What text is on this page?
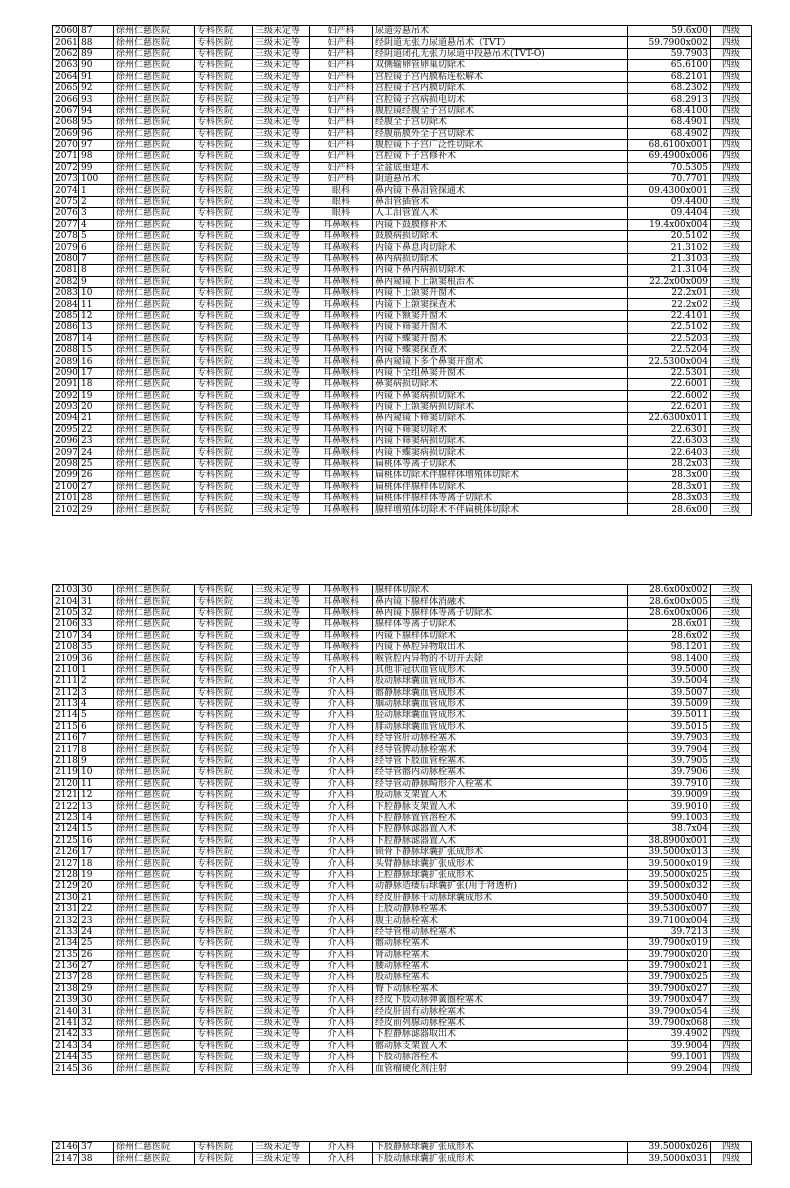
2060	87	徐州仁慈医院	专科医院	三级未定等	妇产科	尿道旁悬吊术	59.6x00	四级
2061	88	徐州仁慈医院	专科医院	三级未定等	妇产科	经阴道无张力尿道悬吊术（TVT）	59.7900x002	四级
2062	89	徐州仁慈医院	专科医院	三级未定等	妇产科	经阴道闭孔无张力尿道中段悬吊术(TVT-O)	59.7903	四级
2063	90	徐州仁慈医院	专科医院	三级未定等	妇产科	双侧输卵管卵巢切除术	65.6100	四级
2064	91	徐州仁慈医院	专科医院	三级未定等	妇产科	宫腔镜子宫内膜粘连松解术	68.2101	四级
2065	92	徐州仁慈医院	专科医院	三级未定等	妇产科	宫腔镜子宫内膜切除术	68.2302	四级
2066	93	徐州仁慈医院	专科医院	三级未定等	妇产科	宫腔镜子宫病损电切术	68.2913	四级
2067	94	徐州仁慈医院	专科医院	三级未定等	妇产科	腹腔镜经腹全子宫切除术	68.4100	四级
2068	95	徐州仁慈医院	专科医院	三级未定等	妇产科	经腹全子宫切除术	68.4901	四级
2069	96	徐州仁慈医院	专科医院	三级未定等	妇产科	经腹筋膜外全子宫切除术	68.4902	四级
2070	97	徐州仁慈医院	专科医院	三级未定等	妇产科	腹腔镜下子宫广泛性切除术	68.6100x001	四级
2071	98	徐州仁慈医院	专科医院	三级未定等	妇产科	宫腔镜下子宫修补术	69.4900x006	四级
2072	99	徐州仁慈医院	专科医院	三级未定等	妇产科	全盆底重建术	70.5305	四级
2073	100	徐州仁慈医院	专科医院	三级未定等	妇产科	阴道悬吊术	70.7701	四级
2074	1	徐州仁慈医院	专科医院	三级未定等	眼科	鼻内镜下鼻泪管探通术	09.4300x001	三级
2075	2	徐州仁慈医院	专科医院	三级未定等	眼科	鼻泪管插管术	09.4400	三级
2076	3	徐州仁慈医院	专科医院	三级未定等	眼科	人工泪管置入术	09.4404	三级
2077	4	徐州仁慈医院	专科医院	三级未定等	耳鼻喉科	内镜下鼓膜修补术	19.4x00x004	三级
2078	5	徐州仁慈医院	专科医院	三级未定等	耳鼻喉科	鼓膜病损切除术	20.5102	三级
2079	6	徐州仁慈医院	专科医院	三级未定等	耳鼻喉科	内镜下鼻息肉切除术	21.3102	三级
2080	7	徐州仁慈医院	专科医院	三级未定等	耳鼻喉科	鼻内病损切除术	21.3103	三级
2081	8	徐州仁慈医院	专科医院	三级未定等	耳鼻喉科	内镜下鼻内病损切除术	21.3104	三级
2082	9	徐州仁慈医院	专科医院	三级未定等	耳鼻喉科	鼻内窥镜下上颌窦根治术	22.2x00x009	三级
2083	10	徐州仁慈医院	专科医院	三级未定等	耳鼻喉科	内镜下上颌窦开窗术	22.2x01	三级
2084	11	徐州仁慈医院	专科医院	三级未定等	耳鼻喉科	内镜下上颌窦探查术	22.2x02	三级
2085	12	徐州仁慈医院	专科医院	三级未定等	耳鼻喉科	内镜下额窦开窗术	22.4101	三级
2086	13	徐州仁慈医院	专科医院	三级未定等	耳鼻喉科	内镜下筛窦开窗术	22.5102	三级
2087	14	徐州仁慈医院	专科医院	三级未定等	耳鼻喉科	内镜下蝶窦开窗术	22.5203	三级
2088	15	徐州仁慈医院	专科医院	三级未定等	耳鼻喉科	内镜下蝶窦探查术	22.5204	三级
2089	16	徐州仁慈医院	专科医院	三级未定等	耳鼻喉科	鼻内窥镜下多个鼻窦开窗术	22.5300x004	三级
2090	17	徐州仁慈医院	专科医院	三级未定等	耳鼻喉科	内镜下全组鼻窦开窗术	22.5301	三级
2091	18	徐州仁慈医院	专科医院	三级未定等	耳鼻喉科	鼻窦病损切除术	22.6001	三级
2092	19	徐州仁慈医院	专科医院	三级未定等	耳鼻喉科	内镜下鼻窦病损切除术	22.6002	三级
2093	20	徐州仁慈医院	专科医院	三级未定等	耳鼻喉科	内镜下上颌窦病损切除术	22.6201	三级
2094	21	徐州仁慈医院	专科医院	三级未定等	耳鼻喉科	鼻内窥镜下筛窦切除术	22.6300x011	三级
2095	22	徐州仁慈医院	专科医院	三级未定等	耳鼻喉科	内镜下筛窦切除术	22.6301	三级
2096	23	徐州仁慈医院	专科医院	三级未定等	耳鼻喉科	内镜下筛窦病损切除术	22.6303	三级
2097	24	徐州仁慈医院	专科医院	三级未定等	耳鼻喉科	内镜下蝶窦病损切除术	22.6403	三级
2098	25	徐州仁慈医院	专科医院	三级未定等	耳鼻喉科	扁桃体等离子切除术	28.2x03	三级
2099	26	徐州仁慈医院	专科医院	三级未定等	耳鼻喉科	扁桃体切除术伴腺样体增殖体切除术	28.3x00	三级
2100	27	徐州仁慈医院	专科医院	三级未定等	耳鼻喉科	扁桃体伴腺样体切除术	28.3x01	三级
2101	28	徐州仁慈医院	专科医院	三级未定等	耳鼻喉科	扁桃体伴腺样体等离子切除术	28.3x03	三级
2102	29	徐州仁慈医院	专科医院	三级未定等	耳鼻喉科	腺样增殖体切除术不伴扁桃体切除术	28.6x00	三级
2103	30	徐州仁慈医院	专科医院	三级未定等	耳鼻喉科	腺样体切除术	28.6x00x002	三级
2104	31	徐州仁慈医院	专科医院	三级未定等	耳鼻喉科	鼻内镜下腺样体消融术	28.6x00x005	三级
2105	32	徐州仁慈医院	专科医院	三级未定等	耳鼻喉科	鼻内镜下腺样体等离子切除术	28.6x00x006	三级
2106	33	徐州仁慈医院	专科医院	三级未定等	耳鼻喉科	腺样体等离子切除术	28.6x01	三级
2107	34	徐州仁慈医院	专科医院	三级未定等	耳鼻喉科	内镜下腺样体切除术	28.6x02	三级
2108	35	徐州仁慈医院	专科医院	三级未定等	耳鼻喉科	内镜下鼻腔异物取出术	98.1201	三级
2109	36	徐州仁慈医院	专科医院	三级未定等	耳鼻喉科	喉管腔内异物的不切开去除	98.1400	三级
2110	1	徐州仁慈医院	专科医院	三级未定等	介入科	其他非冠状血管成形术	39.5000	三级
2111	2	徐州仁慈医院	专科医院	三级未定等	介入科	股动脉球囊血管成形术	39.5004	三级
2112	3	徐州仁慈医院	专科医院	三级未定等	介入科	髂静脉球囊血管成形术	39.5007	三级
2113	4	徐州仁慈医院	专科医院	三级未定等	介入科	腘动脉球囊血管成形术	39.5009	三级
2114	5	徐州仁慈医院	专科医院	三级未定等	介入科	胫动脉球囊血管成形术	39.5011	三级
2115	6	徐州仁慈医院	专科医院	三级未定等	介入科	腓动脉球囊血管成形术	39.5015	三级
2116	7	徐州仁慈医院	专科医院	三级未定等	介入科	经导管肝动脉栓塞术	39.7903	三级
2117	8	徐州仁慈医院	专科医院	三级未定等	介入科	经导管脾动脉栓塞术	39.7904	三级
2118	9	徐州仁慈医院	专科医院	三级未定等	介入科	经导管下肢血管栓塞术	39.7905	三级
2119	10	徐州仁慈医院	专科医院	三级未定等	介入科	经导管髂内动脉栓塞术	39.7906	三级
2120	11	徐州仁慈医院	专科医院	三级未定等	介入科	经导管动静脉畸形介入栓塞术	39.7910	三级
2121	12	徐州仁慈医院	专科医院	三级未定等	介入科	股动脉支架置入术	39.9009	三级
2122	13	徐州仁慈医院	专科医院	三级未定等	介入科	下腔静脉支架置入术	39.9010	三级
2123	14	徐州仁慈医院	专科医院	三级未定等	介入科	下腔静脉置管溶栓术	99.1003	三级
2124	15	徐州仁慈医院	专科医院	三级未定等	介入科	下腔静脉滤器置入术	38.7x04	三级
2125	16	徐州仁慈医院	专科医院	三级未定等	介入科	下腔静脉滤器置入术	38.8900x001	三级
2126	17	徐州仁慈医院	专科医院	三级未定等	介入科	锁骨下静脉球囊扩张成形术	39.5000x013	三级
2127	18	徐州仁慈医院	专科医院	三级未定等	介入科	头臂静脉球囊扩张成形术	39.5000x019	三级
2128	19	徐州仁慈医院	专科医院	三级未定等	介入科	上腔静脉球囊扩张成形术	39.5000x025	三级
2129	20	徐州仁慈医院	专科医院	三级未定等	介入科	动静脉造瘘后球囊扩张(用于肾透析)	39.5000x032	三级
2130	21	徐州仁慈医院	专科医院	三级未定等	介入科	经皮肝静脉干动脉球囊成形术	39.5000x040	三级
2131	22	徐州仁慈医院	专科医院	三级未定等	介入科	上肢动静脉栓塞术	39.5300x007	三级
2132	23	徐州仁慈医院	专科医院	三级未定等	介入科	腹主动脉栓塞术	39.7100x004	三级
2133	24	徐州仁慈医院	专科医院	三级未定等	介入科	经导管椎动脉栓塞术	39.7213	三级
2134	25	徐州仁慈医院	专科医院	三级未定等	介入科	髂动脉栓塞术	39.7900x019	三级
2135	26	徐州仁慈医院	专科医院	三级未定等	介入科	肾动脉栓塞术	39.7900x020	三级
2136	27	徐州仁慈医院	专科医院	三级未定等	介入科	腰动脉栓塞术	39.7900x021	三级
2137	28	徐州仁慈医院	专科医院	三级未定等	介入科	股动脉栓塞术	39.7900x025	三级
2138	29	徐州仁慈医院	专科医院	三级未定等	介入科	臀下动脉栓塞术	39.7900x027	三级
2139	30	徐州仁慈医院	专科医院	三级未定等	介入科	经皮下肢动脉弹簧圈栓塞术	39.7900x047	三级
2140	31	徐州仁慈医院	专科医院	三级未定等	介入科	经皮肝固有动脉栓塞术	39.7900x054	三级
2141	32	徐州仁慈医院	专科医院	三级未定等	介入科	经皮前列腺动脉栓塞术	39.7900x068	三级
2142	33	徐州仁慈医院	专科医院	三级未定等	介入科	下腔静脉滤器取出术	39.4902	四级
2143	34	徐州仁慈医院	专科医院	三级未定等	介入科	髂动脉支架置入术	39.9004	四级
2144	35	徐州仁慈医院	专科医院	三级未定等	介入科	下肢动脉溶栓术	99.1001	四级
2145	36	徐州仁慈医院	专科医院	三级未定等	介入科	血管瘤硬化剂注射	99.2904	四级
2146	37	徐州仁慈医院	专科医院	三级未定等	介入科	下肢静脉球囊扩张成形术	39.5000x026	四级
2147	38	徐州仁慈医院	专科医院	三级未定等	介入科	下肢动脉球囊扩张成形术	39.5000x031	四级
